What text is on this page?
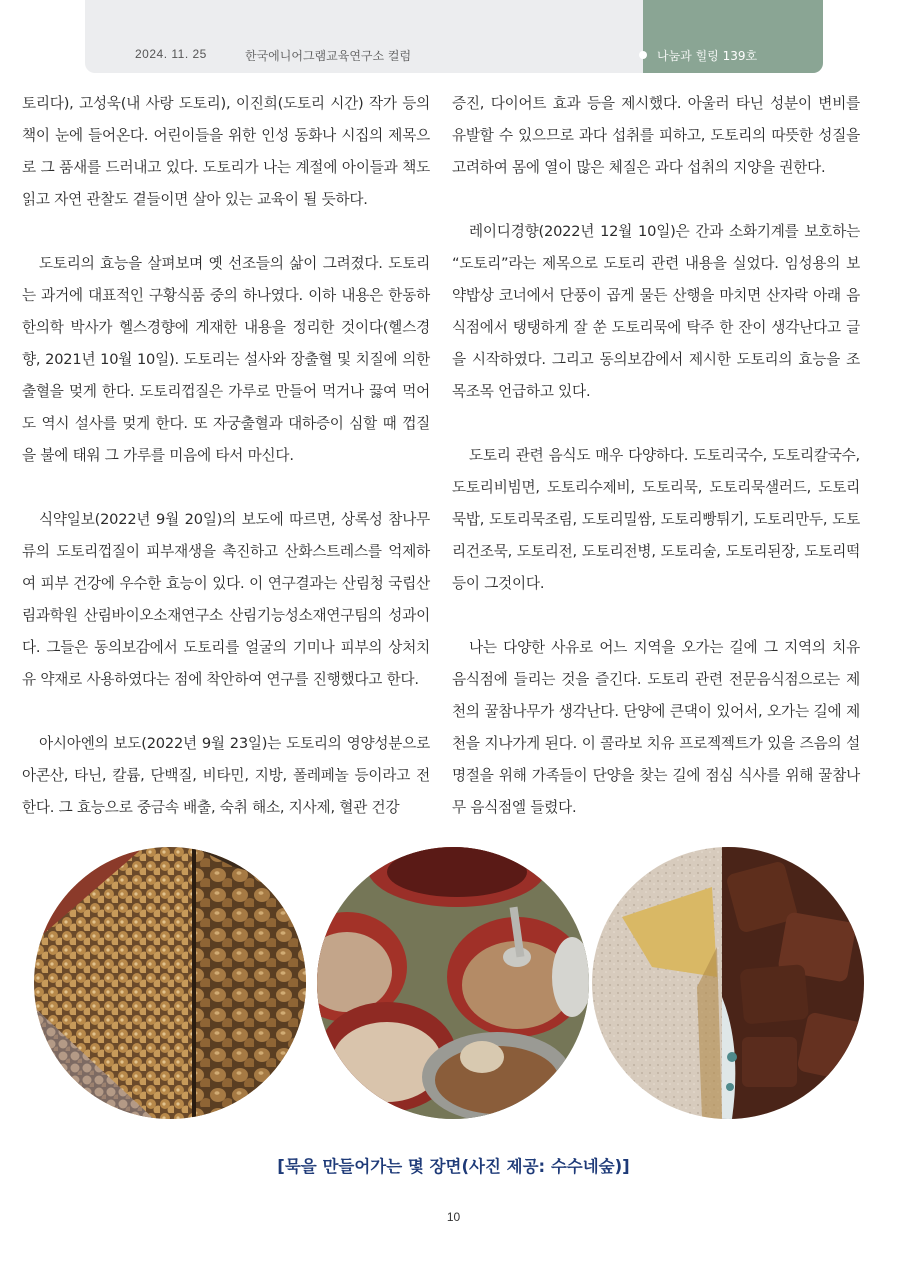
2024. 11. 25	한국에니어그램교육연구소 컬럼	나눔과 힐링 139호

토리다), 고성욱(내 사랑 도토리), 이진희(도토리 시간) 작가 등의 책이 눈에 들어온다. 어린이들을 위한 인성 동화나 시집의 제목으로 그 품새를 드러내고 있다. 도토리가 나는 계절에 아이들과 책도 읽고 자연 관찰도 곁들이면 살아 있는 교육이 될 듯하다.

도토리의 효능을 살펴보며 옛 선조들의 삶이 그려졌다. 도토리는 과거에 대표적인 구황식품 중의 하나였다. 이하 내용은 한동하 한의학 박사가 헬스경향에 게재한 내용을 정리한 것이다(헬스경향, 2021년 10월 10일). 도토리는 설사와 장출혈 및 치질에 의한 출혈을 멎게 한다. 도토리껍질은 가루로 만들어 먹거나 끓여 먹어도 역시 설사를 멎게 한다. 또 자궁출혈과 대하증이 심할 때 껍질을 불에 태워 그 가루를 미음에 타서 마신다.

식약일보(2022년 9월 20일)의 보도에 따르면, 상록성 참나무류의 도토리껍질이 피부재생을 촉진하고 산화스트레스를 억제하여 피부 건강에 우수한 효능이 있다. 이 연구결과는 산림청 국립산림과학원 산림바이오소재연구소 산림기능성소재연구팀의 성과이다. 그들은 동의보감에서 도토리를 얼굴의 기미나 피부의 상처치유 약재로 사용하였다는 점에 착안하여 연구를 진행했다고 한다.

아시아엔의 보도(2022년 9월 23일)는 도토리의 영양성분으로 아콘산, 타닌, 칼륨, 단백질, 비타민, 지방, 폴레페놀 등이라고 전한다. 그 효능으로 중금속 배출, 숙취 해소, 지사제, 혈관 건강

증진, 다이어트 효과 등을 제시했다. 아울러 타닌 성분이 변비를 유발할 수 있으므로 과다 섭취를 피하고, 도토리의 따뜻한 성질을 고려하여 몸에 열이 많은 체질은 과다 섭취의 지양을 권한다.

레이디경향(2022년 12월 10일)은 간과 소화기계를 보호하는 “도토리”라는 제목으로 도토리 관련 내용을 실었다. 임성용의 보약밥상 코너에서 단풍이 곱게 물든 산행을 마치면 산자락 아래 음식점에서 탱탱하게 잘 쑨 도토리묵에 탁주 한 잔이 생각난다고 글을 시작하였다. 그리고 동의보감에서 제시한 도토리의 효능을 조목조목 언급하고 있다.

도토리 관련 음식도 매우 다양하다. 도토리국수, 도토리칼국수, 도토리비빔면, 도토리수제비, 도토리묵, 도토리묵샐러드, 도토리묵밥, 도토리묵조림, 도토리밀쌈, 도토리빵튀기, 도토리만두, 도토리건조묵, 도토리전, 도토리전병, 도토리술, 도토리된장, 도토리떡 등이 그것이다.

나는 다양한 사유로 어느 지역을 오가는 길에 그 지역의 치유 음식점에 들리는 것을 즐긴다. 도토리 관련 전문음식점으로는 제천의 꿀참나무가 생각난다. 단양에 큰댁이 있어서, 오가는 길에 제천을 지나가게 된다. 이 콜라보 치유 프로젝젝트가 있을 즈음의 설 명절을 위해 가족들이 단양을 찾는 길에 점심 식사를 위해 꿀참나무 음식점엘 들렸다.

[묵을 만들어가는 몇 장면(사진 제공: 수수네숲)]
10
